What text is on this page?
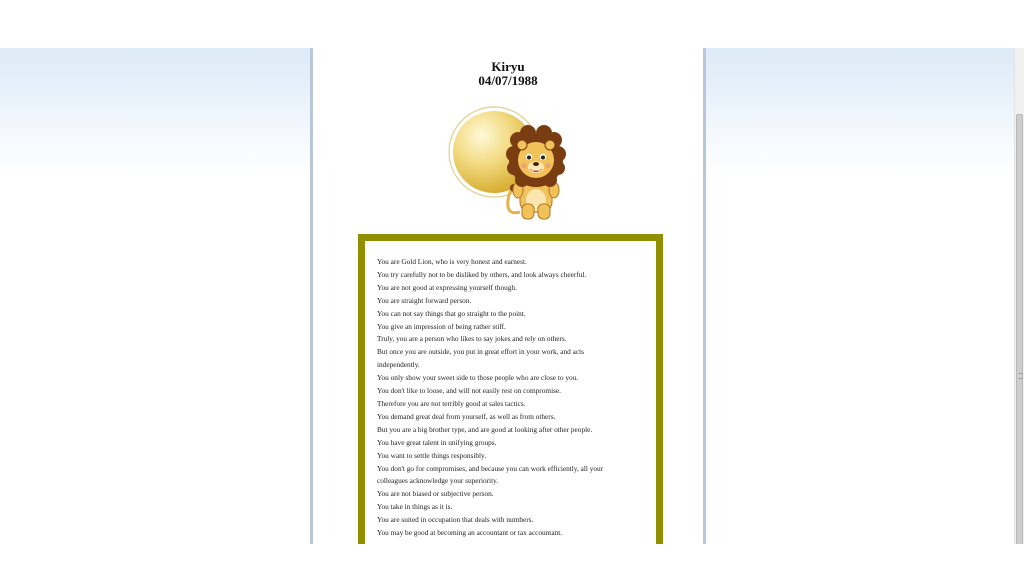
Kiryu

04/07/1988

You are Gold Lion, who is very honest and earnest.
You try carefully not to be disliked by others, and look always cheerful.
You are not good at expressing yourself though.
You are straight forward person.
You can not say things that go straight to the point.
You give an impression of being rather stiff.
Truly, you are a person who likes to say jokes and rely on others.
But once you are outside, you put in great effort in your work, and acts
independently.
You only show your sweet side to those people who are close to you.
You don't like to loose, and will not easily rest on compromise.
Therefore you are not terribly good at sales tactics.
You demand great deal from yourself, as well as from others.
But you are a big brother type, and are good at looking after other people.
You have great talent in unifying groups.
You want to settle things responsibly.
You don't go for compromises, and because you can work efficiently, all your
colleagues acknowledge your superiority.
You are not biased or subjective person.
You take in things as it is.
You are suited in occupation that deals with numbers.
You may be good at becoming an accountant or tax accountant.
